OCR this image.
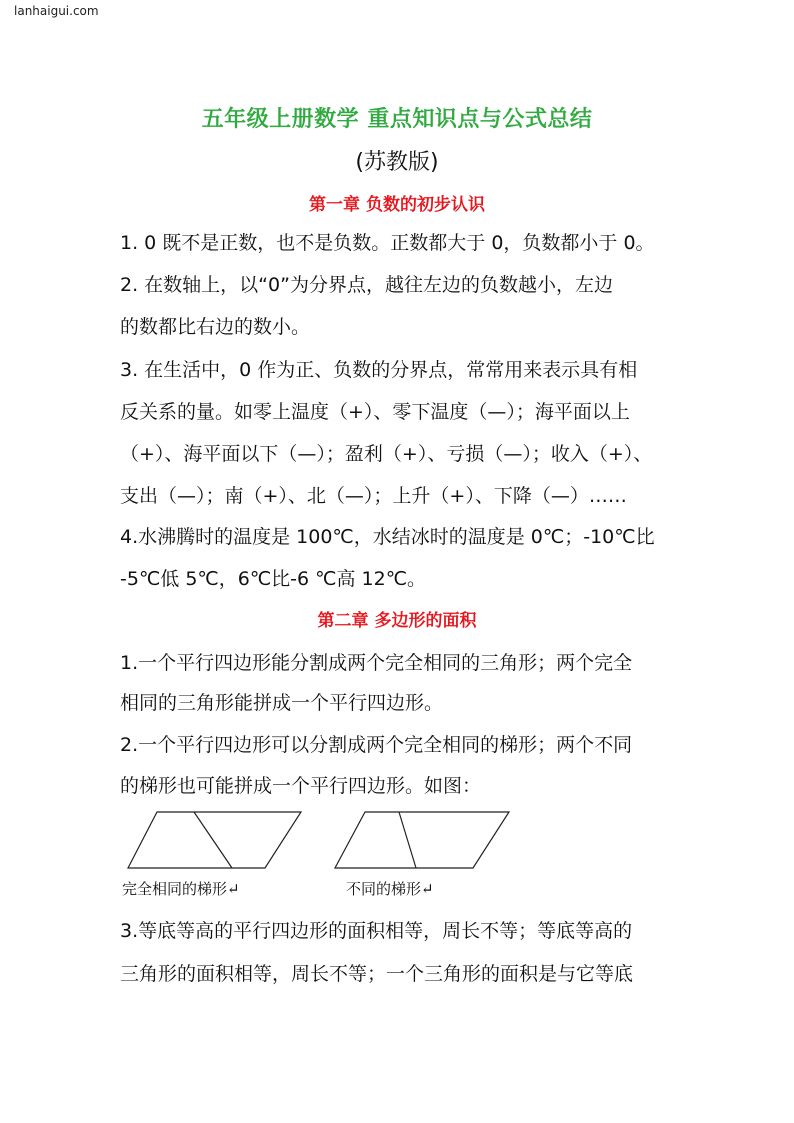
lanhaigui.com
五年级上册数学 重点知识点与公式总结
(苏教版)
第一章 负数的初步认识
1. 0 既不是正数，也不是负数。正数都大于 0，负数都小于 0。
2. 在数轴上，以“0”为分界点，越往左边的负数越小，左边
的数都比右边的数小。
3. 在生活中，0 作为正、负数的分界点，常常用来表示具有相
反关系的量。如零上温度（+）、零下温度（—）；海平面以上
（+）、海平面以下（—）；盈利（+）、亏损（—）；收入（+）、
支出（—）；南（+）、北（—）；上升（+）、下降（—）……
4.水沸腾时的温度是 100℃，水结冰时的温度是 0℃；-10℃比
-5℃低 5℃，6℃比-6 ℃高 12℃。
第二章 多边形的面积
1.一个平行四边形能分割成两个完全相同的三角形；两个完全
相同的三角形能拼成一个平行四边形。
2.一个平行四边形可以分割成两个完全相同的梯形；两个不同
的梯形也可能拼成一个平行四边形。如图：
完全相同的梯形↵	不同的梯形↵
3.等底等高的平行四边形的面积相等，周长不等；等底等高的
三角形的面积相等，周长不等；一个三角形的面积是与它等底
